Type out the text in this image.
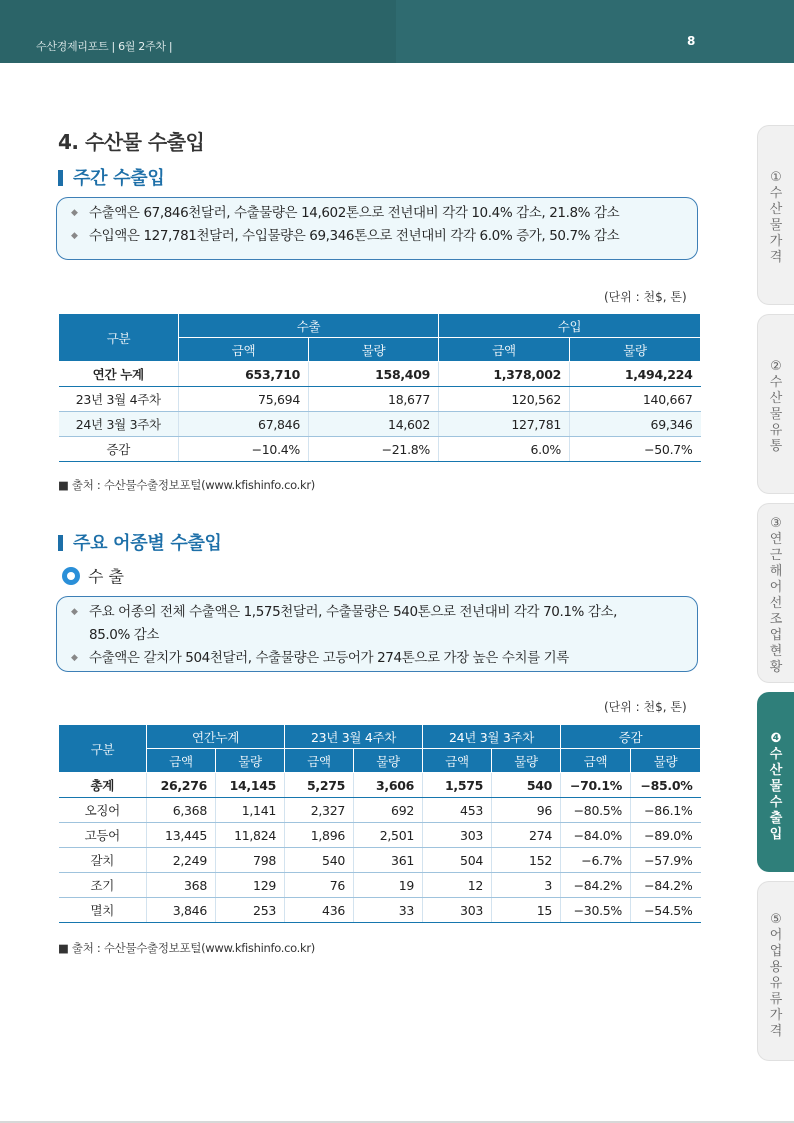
수산경제리포트 | 6월 2주차 |	8
4. 수산물 수출입
주간 수출입
◆ 수출액은 67,846천달러, 수출물량은 14,602톤으로 전년대비 각각 10.4% 감소, 21.8% 감소
◆ 수입액은 127,781천달러, 수입물량은 69,346톤으로 전년대비 각각 6.0% 증가, 50.7% 감소
(단위 : 천$, 톤)
구분	수출		수입	
	금액	물량	금액	물량
연간 누계	653,710	158,409	1,378,002	1,494,224
23년 3월 4주차	75,694	18,677	120,562	140,667
24년 3월 3주차	67,846	14,602	127,781	69,346
증감	−10.4%	−21.8%	6.0%	−50.7%
■ 출처 : 수산물수출정보포털(www.kfishinfo.co.kr)
주요 어종별 수출입
수 출
◆ 주요 어종의 전체 수출액은 1,575천달러, 수출물량은 540톤으로 전년대비 각각 70.1% 감소,
85.0% 감소
◆ 수출액은 갈치가 504천달러, 수출물량은 고등어가 274톤으로 가장 높은 수치를 기록
(단위 : 천$, 톤)
구분	연간누계		23년 3월 4주차		24년 3월 3주차		증감	
	금액	물량	금액	물량	금액	물량	금액	물량
총계	26,276	14,145	5,275	3,606	1,575	540	−70.1%	−85.0%
오징어	6,368	1,141	2,327	692	453	96	−80.5%	−86.1%
고등어	13,445	11,824	1,896	2,501	303	274	−84.0%	−89.0%
갈치	2,249	798	540	361	504	152	−6.7%	−57.9%
조기	368	129	76	19	12	3	−84.2%	−84.2%
멸치	3,846	253	436	33	303	15	−30.5%	−54.5%
■ 출처 : 수산물수출정보포털(www.kfishinfo.co.kr)
① 수산물가격
② 수산물유통
③ 연근해어선조업현황
❹ 수산물수출입
⑤ 어업용유류가격
